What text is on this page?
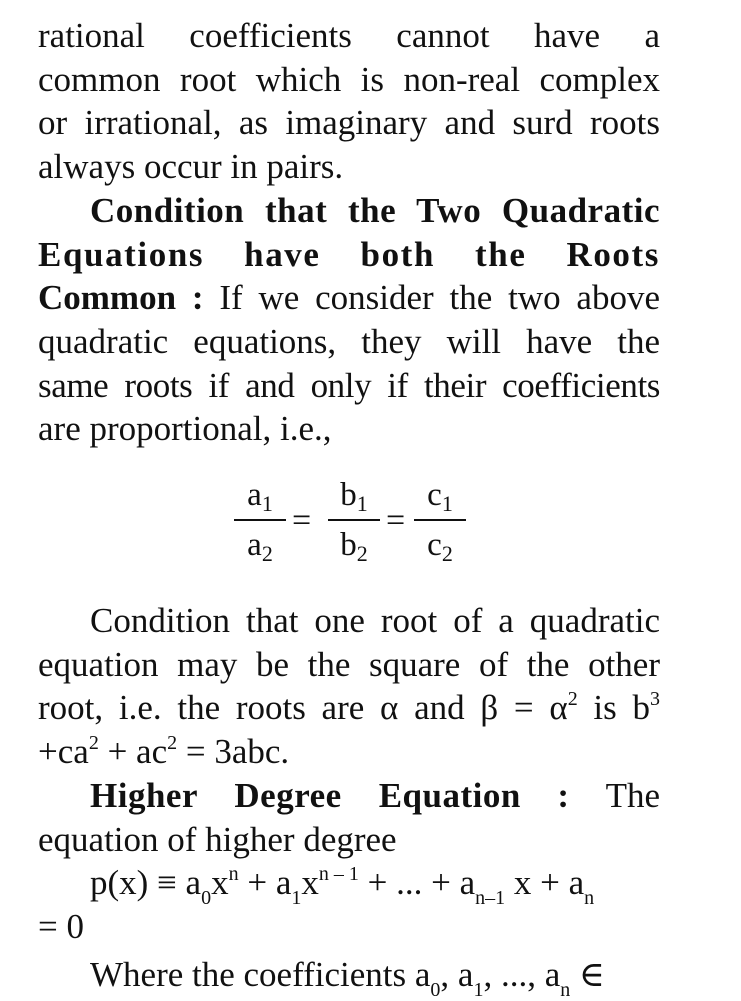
rational coefficients cannot have a

common root which is non-real complex

or irrational, as imaginary and surd roots

always occur in pairs.

Condition that the Two Quadratic

Equations have both the Roots

Common : If we consider the two above

quadratic equations, they will have the

same roots if and only if their coefficients

are proportional, i.e.,

$a_1$
$a_2$
=
$b_1$
$b_2$
=
$c_1$
$c_2$

Condition that one root of a quadratic

equation may be the square of the other

root, i.e. the roots are α and $\beta = \alpha^2$ is $b^3$

$+ca^2 + ac^2 = 3abc$.

Higher Degree Equation : The

equation of higher degree

$p(x) \equiv a_0x^n + a_1x^{n - 1}$ + ... + $a_{n-1}$ $x + a_n$

= 0

Where the coefficients $a_0$, $a_1$, ..., $a_n$ ∈
